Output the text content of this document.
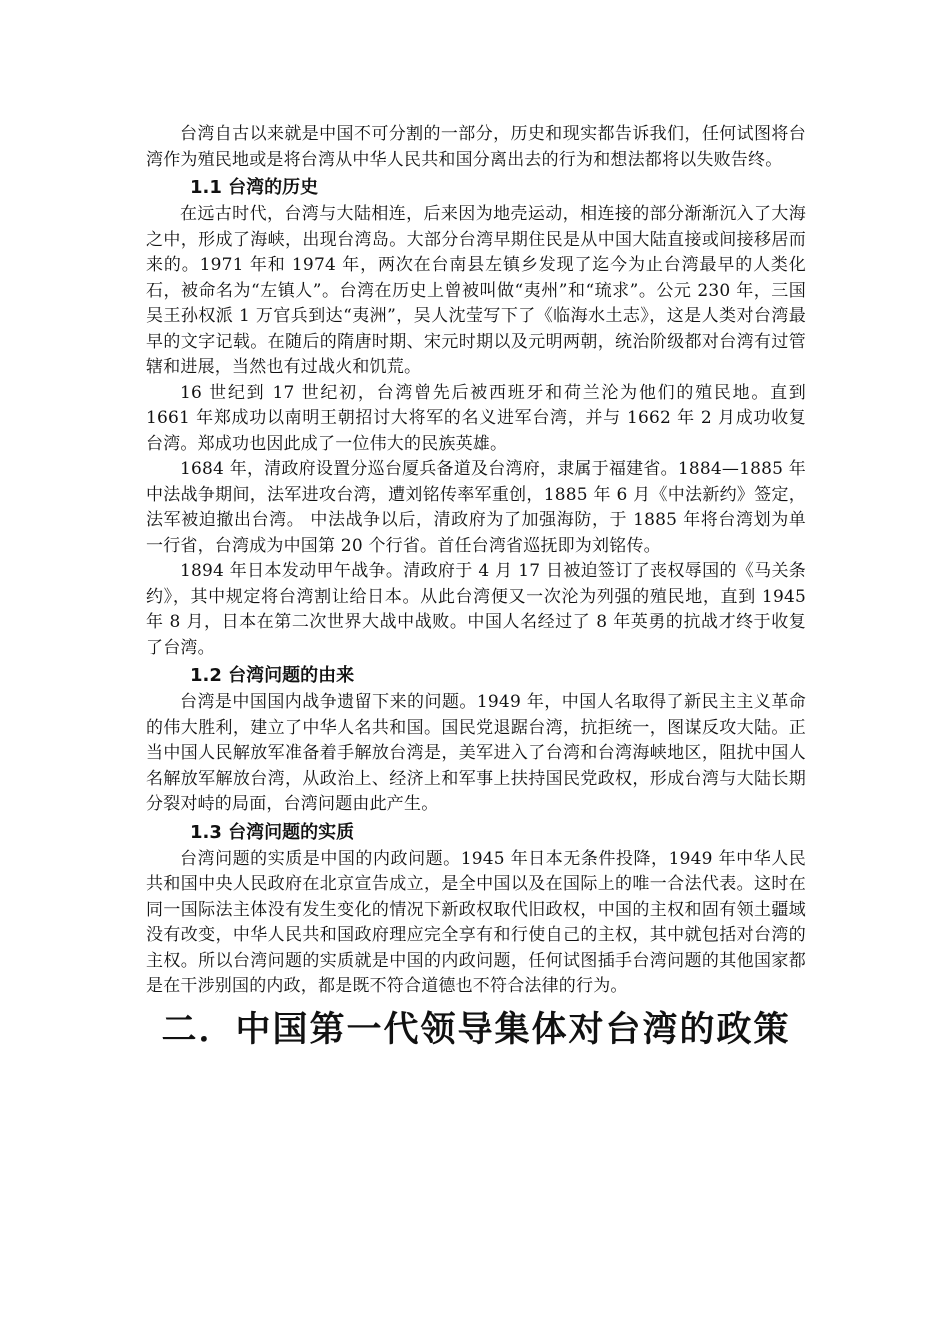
台湾自古以来就是中国不可分割的一部分，历史和现实都告诉我们，任何试图将台湾作为殖民地或是将台湾从中华人民共和国分离出去的行为和想法都将以失败告终。

1.1 台湾的历史

在远古时代，台湾与大陆相连，后来因为地壳运动，相连接的部分渐渐沉入了大海之中，形成了海峡，出现台湾岛。大部分台湾早期住民是从中国大陆直接或间接移居而来的。1971 年和 1974 年，两次在台南县左镇乡发现了迄今为止台湾最早的人类化石，被命名为“左镇人”。台湾在历史上曾被叫做“夷州”和“琉求”。公元 230 年，三国吴王孙权派 1 万官兵到达“夷洲”，吴人沈莹写下了《临海水土志》，这是人类对台湾最早的文字记载。在随后的隋唐时期、宋元时期以及元明两朝，统治阶级都对台湾有过管辖和进展，当然也有过战火和饥荒。

16 世纪到 17 世纪初，台湾曾先后被西班牙和荷兰沦为他们的殖民地。直到 1661 年郑成功以南明王朝招讨大将军的名义进军台湾，并与 1662 年 2 月成功收复台湾。郑成功也因此成了一位伟大的民族英雄。

1684 年，清政府设置分巡台厦兵备道及台湾府，隶属于福建省。1884—1885 年中法战争期间，法军进攻台湾，遭刘铭传率军重创，1885 年 6 月《中法新约》签定，法军被迫撤出台湾。 中法战争以后，清政府为了加强海防，于 1885 年将台湾划为单一行省，台湾成为中国第 20 个行省。首任台湾省巡抚即为刘铭传。

1894 年日本发动甲午战争。清政府于 4 月 17 日被迫签订了丧权辱国的《马关条约》，其中规定将台湾割让给日本。从此台湾便又一次沦为列强的殖民地，直到 1945 年 8 月，日本在第二次世界大战中战败。中国人名经过了 8 年英勇的抗战才终于收复了台湾。

1.2 台湾问题的由来

台湾是中国国内战争遗留下来的问题。1949 年，中国人名取得了新民主主义革命的伟大胜利，建立了中华人名共和国。国民党退踞台湾，抗拒统一，图谋反攻大陆。正当中国人民解放军准备着手解放台湾是，美军进入了台湾和台湾海峡地区，阻扰中国人名解放军解放台湾，从政治上、经济上和军事上扶持国民党政权，形成台湾与大陆长期分裂对峙的局面，台湾问题由此产生。

1.3 台湾问题的实质

台湾问题的实质是中国的内政问题。1945 年日本无条件投降，1949 年中华人民共和国中央人民政府在北京宣告成立，是全中国以及在国际上的唯一合法代表。这时在同一国际法主体没有发生变化的情况下新政权取代旧政权，中国的主权和固有领土疆域没有改变，中华人民共和国政府理应完全享有和行使自己的主权，其中就包括对台湾的主权。所以台湾问题的实质就是中国的内政问题，任何试图插手台湾问题的其他国家都是在干涉别国的内政，都是既不符合道德也不符合法律的行为。

二．中国第一代领导集体对台湾的政策
